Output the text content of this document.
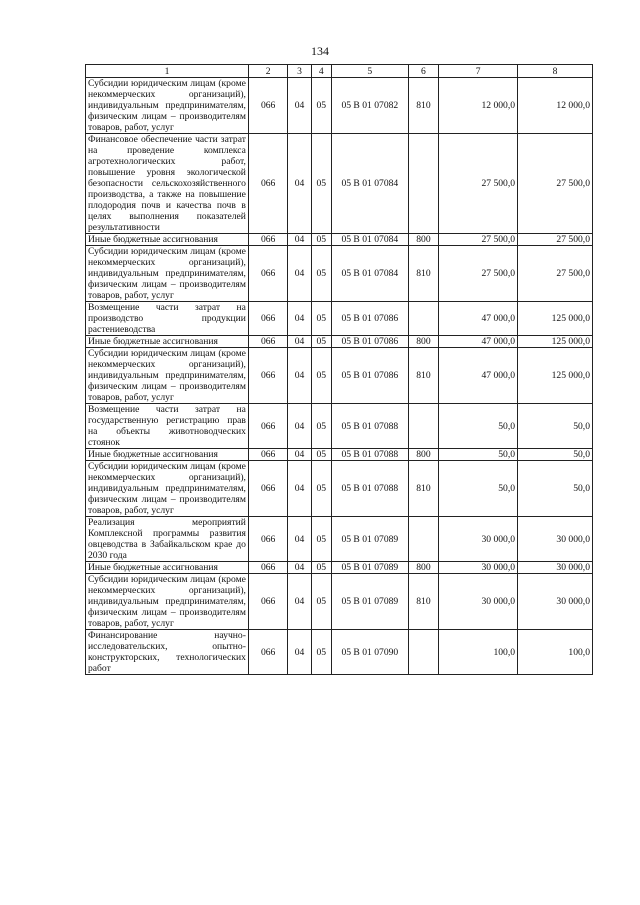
134
1	2	3	4	5	6	7	8
Субсидии юридическим лицам (кроме некоммерческих организаций), индивидуальным предпринимателям, физическим лицам – производителям товаров, работ, услуг	066	04	05	05 В 01 07082	810	12 000,0	12 000,0
Финансовое обеспечение части затрат на проведение комплекса агротехнологических работ, повышение уровня экологической безопасности сельскохозяйственного производства, а также на повышение плодородия почв и качества почв в целях выполнения показателей результативности	066	04	05	05 В 01 07084		27 500,0	27 500,0
Иные бюджетные ассигнования	066	04	05	05 В 01 07084	800	27 500,0	27 500,0
Субсидии юридическим лицам (кроме некоммерческих организаций), индивидуальным предпринимателям, физическим лицам – производителям товаров, работ, услуг	066	04	05	05 В 01 07084	810	27 500,0	27 500,0
Возмещение части затрат на производство продукции растениеводства	066	04	05	05 В 01 07086		47 000,0	125 000,0
Иные бюджетные ассигнования	066	04	05	05 В 01 07086	800	47 000,0	125 000,0
Субсидии юридическим лицам (кроме некоммерческих организаций), индивидуальным предпринимателям, физическим лицам – производителям товаров, работ, услуг	066	04	05	05 В 01 07086	810	47 000,0	125 000,0
Возмещение части затрат на государственную регистрацию прав на объекты животноводческих стоянок	066	04	05	05 В 01 07088		50,0	50,0
Иные бюджетные ассигнования	066	04	05	05 В 01 07088	800	50,0	50,0
Субсидии юридическим лицам (кроме некоммерческих организаций), индивидуальным предпринимателям, физическим лицам – производителям товаров, работ, услуг	066	04	05	05 В 01 07088	810	50,0	50,0
Реализация мероприятий Комплексной программы развития овцеводства в Забайкальском крае до 2030 года	066	04	05	05 В 01 07089		30 000,0	30 000,0
Иные бюджетные ассигнования	066	04	05	05 В 01 07089	800	30 000,0	30 000,0
Субсидии юридическим лицам (кроме некоммерческих организаций), индивидуальным предпринимателям, физическим лицам – производителям товаров, работ, услуг	066	04	05	05 В 01 07089	810	30 000,0	30 000,0
Финансирование научно-исследовательских, опытно-конструкторских, технологических работ	066	04	05	05 В 01 07090		100,0	100,0
